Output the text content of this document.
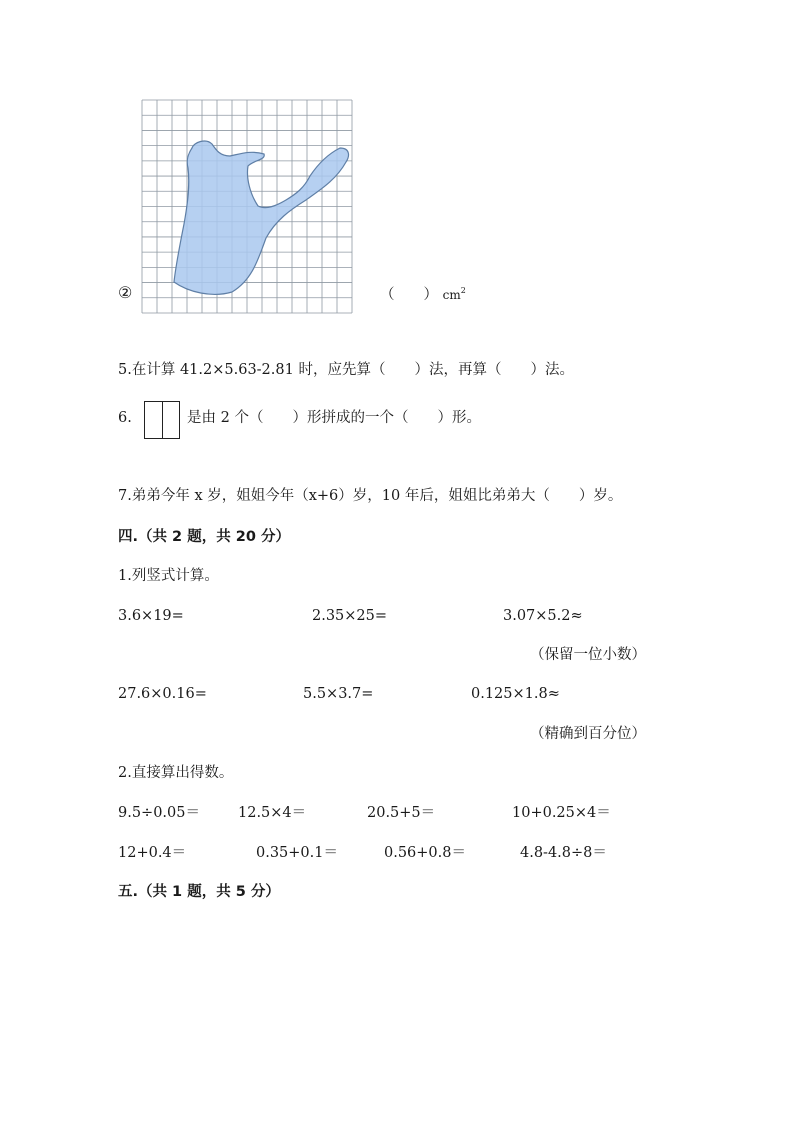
②	（　　） $cm^2$
5.在计算 41.2×5.63-2.81 时，应先算（　　）法，再算（　　）法。
6.	是由 2 个（　　）形拼成的一个（　　）形。
7.弟弟今年 x 岁，姐姐今年（x+6）岁，10 年后，姐姐比弟弟大（　　）岁。
四.（共 2 题，共 20 分）
1.列竖式计算。
3.6×19=	2.35×25=	3.07×5.2≈
（保留一位小数）
27.6×0.16=	5.5×3.7=	0.125×1.8≈
（精确到百分位）
2.直接算出得数。
9.5÷0.05＝	12.5×4＝	20.5+5＝	10+0.25×4＝
12+0.4＝	0.35+0.1＝	0.56+0.8＝	4.8-4.8÷8＝
五.（共 1 题，共 5 分）
